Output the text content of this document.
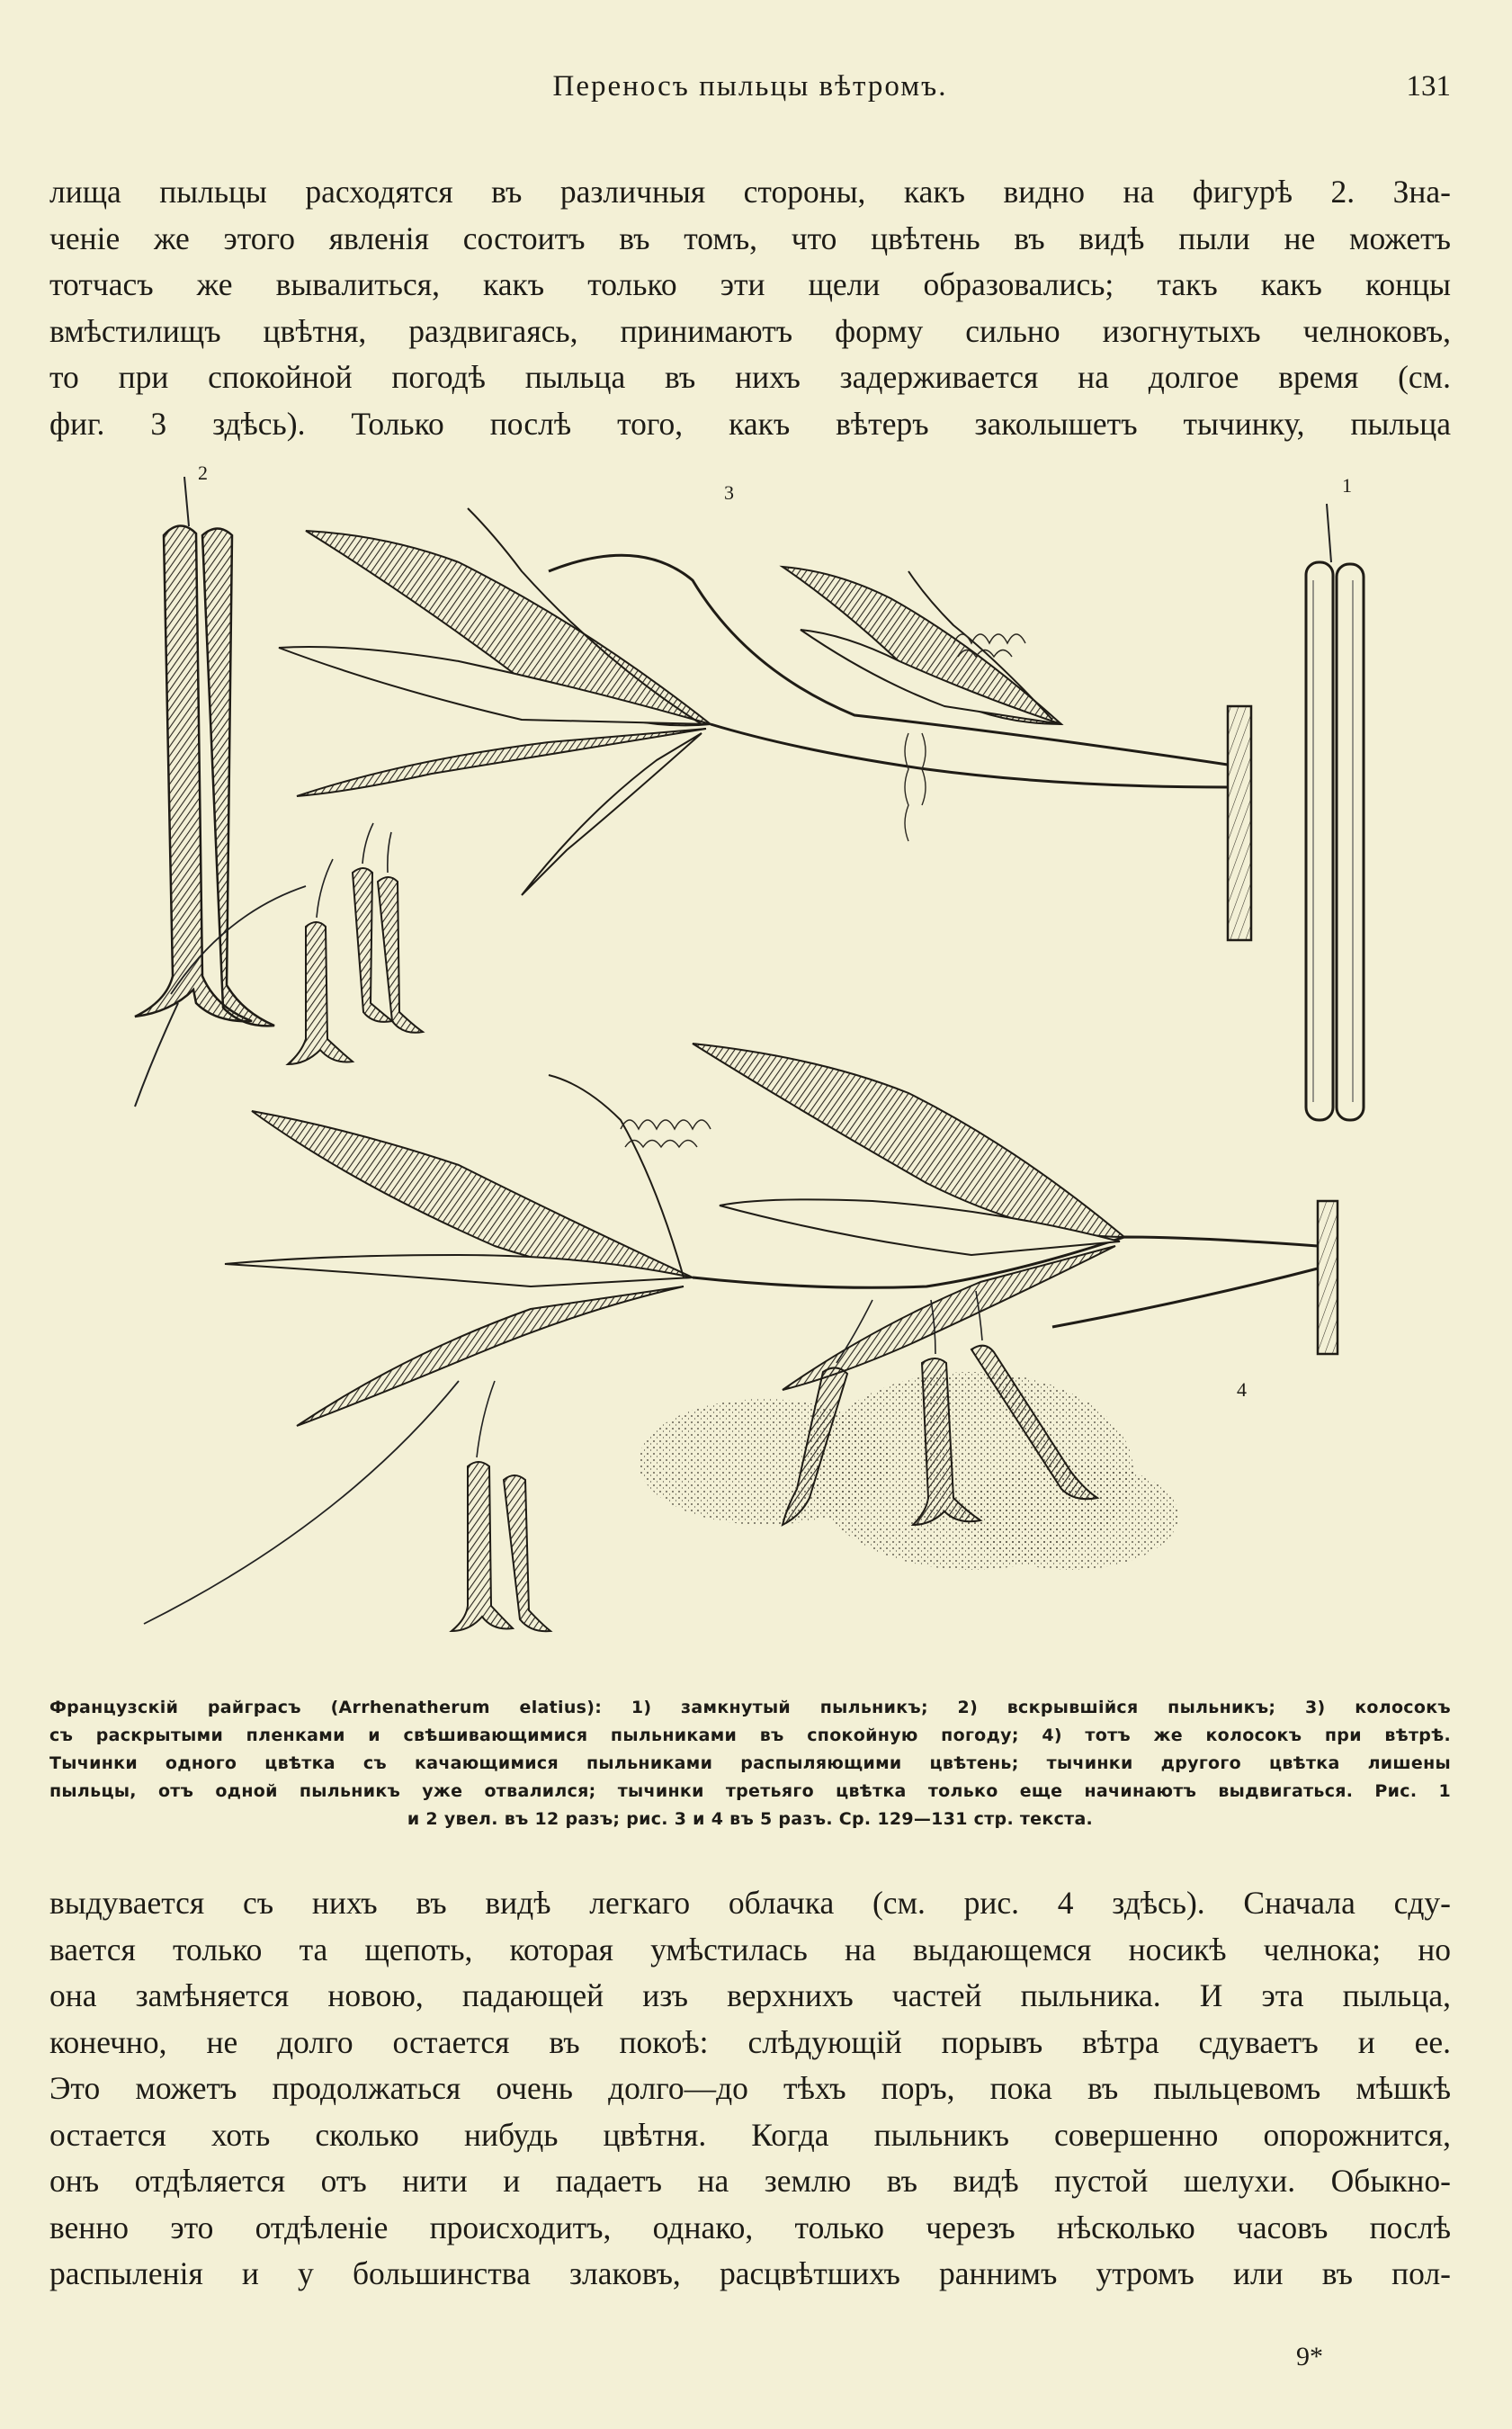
Переносъ пыльцы вѣтромъ.	131
лища пыльцы расходятся въ различныя стороны, какъ видно на фигурѣ 2. Зна-
ченіе же этого явленія состоитъ въ томъ, что цвѣтень въ видѣ пыли не можетъ
тотчасъ же вывалиться, какъ только эти щели образовались; такъ какъ концы
вмѣстилищъ цвѣтня, раздвигаясь, принимаютъ форму сильно изогнутыхъ челноковъ,
то при спокойной погодѣ пыльца въ нихъ задерживается на долгое время (см.
фиг. 3 здѣсь). Только послѣ того, какъ вѣтеръ заколышетъ тычинку, пыльца
2
3	1
4
Французскій райграсъ (Arrhenatherum elatius): 1) замкнутый пыльникъ; 2) вскрывшійся пыльникъ; 3) колосокъ
съ раскрытыми пленками и свѣшивающимися пыльниками въ спокойную погоду; 4) тотъ же колосокъ при вѣтрѣ.
Тычинки одного цвѣтка съ качающимися пыльниками распыляющими цвѣтень; тычинки другого цвѣтка лишены
пыльцы, отъ одной пыльникъ уже отвалился; тычинки третьяго цвѣтка только еще начинаютъ выдвигаться. Рис. 1
и 2 увел. въ 12 разъ; рис. 3 и 4 въ 5 разъ. Ср. 129—131 стр. текста.
выдувается съ нихъ въ видѣ легкаго облачка (см. рис. 4 здѣсь). Сначала сду-
вается только та щепоть, которая умѣстилась на выдающемся носикѣ челнока; но
она замѣняется новою, падающей изъ верхнихъ частей пыльника. И эта пыльца,
конечно, не долго остается въ покоѣ: слѣдующій порывъ вѣтра сдуваетъ и ее.
Это можетъ продолжаться очень долго—до тѣхъ поръ, пока въ пыльцевомъ мѣшкѣ
остается хоть сколько нибудь цвѣтня. Когда пыльникъ совершенно опорожнится,
онъ отдѣляется отъ нити и падаетъ на землю въ видѣ пустой шелухи. Обыкно-
венно это отдѣленіе происходитъ, однако, только черезъ нѣсколько часовъ послѣ
распыленія и у большинства злаковъ, расцвѣтшихъ раннимъ утромъ или въ пол-
9*
